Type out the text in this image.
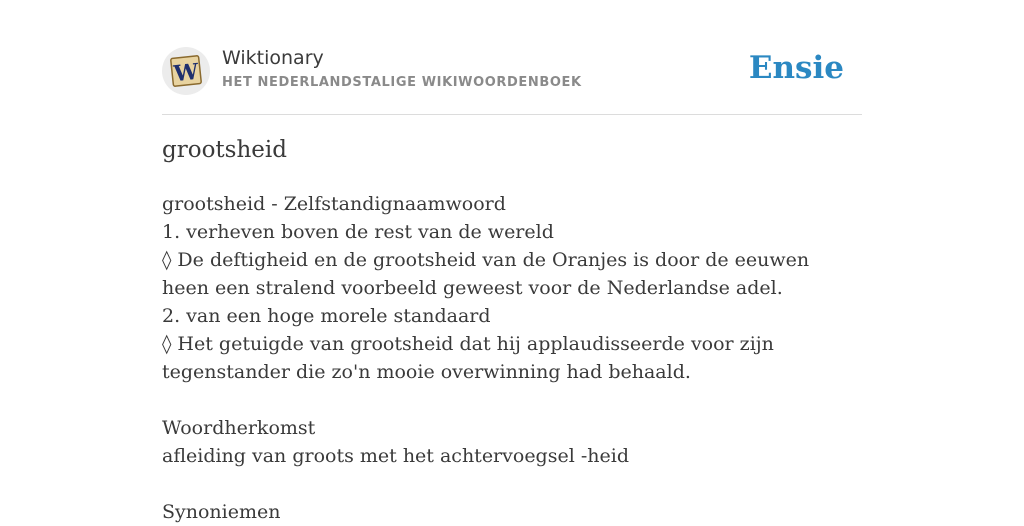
W
Wiktionary
HET NEDERLANDSTALIGE WIKIWOORDENBOEK	Ensie
grootsheid

grootsheid - Zelfstandignaamwoord

1. verheven boven de rest van de wereld

◊ De deftigheid en de grootsheid van de Oranjes is door de eeuwen heen een stralend voorbeeld geweest voor de Nederlandse adel.

2. van een hoge morele standaard

◊ Het getuigde van grootsheid dat hij applaudisseerde voor zijn tegenstander die zo'n mooie overwinning had behaald.

Woordherkomst

afleiding van groots met het achtervoegsel -heid

Synoniemen
